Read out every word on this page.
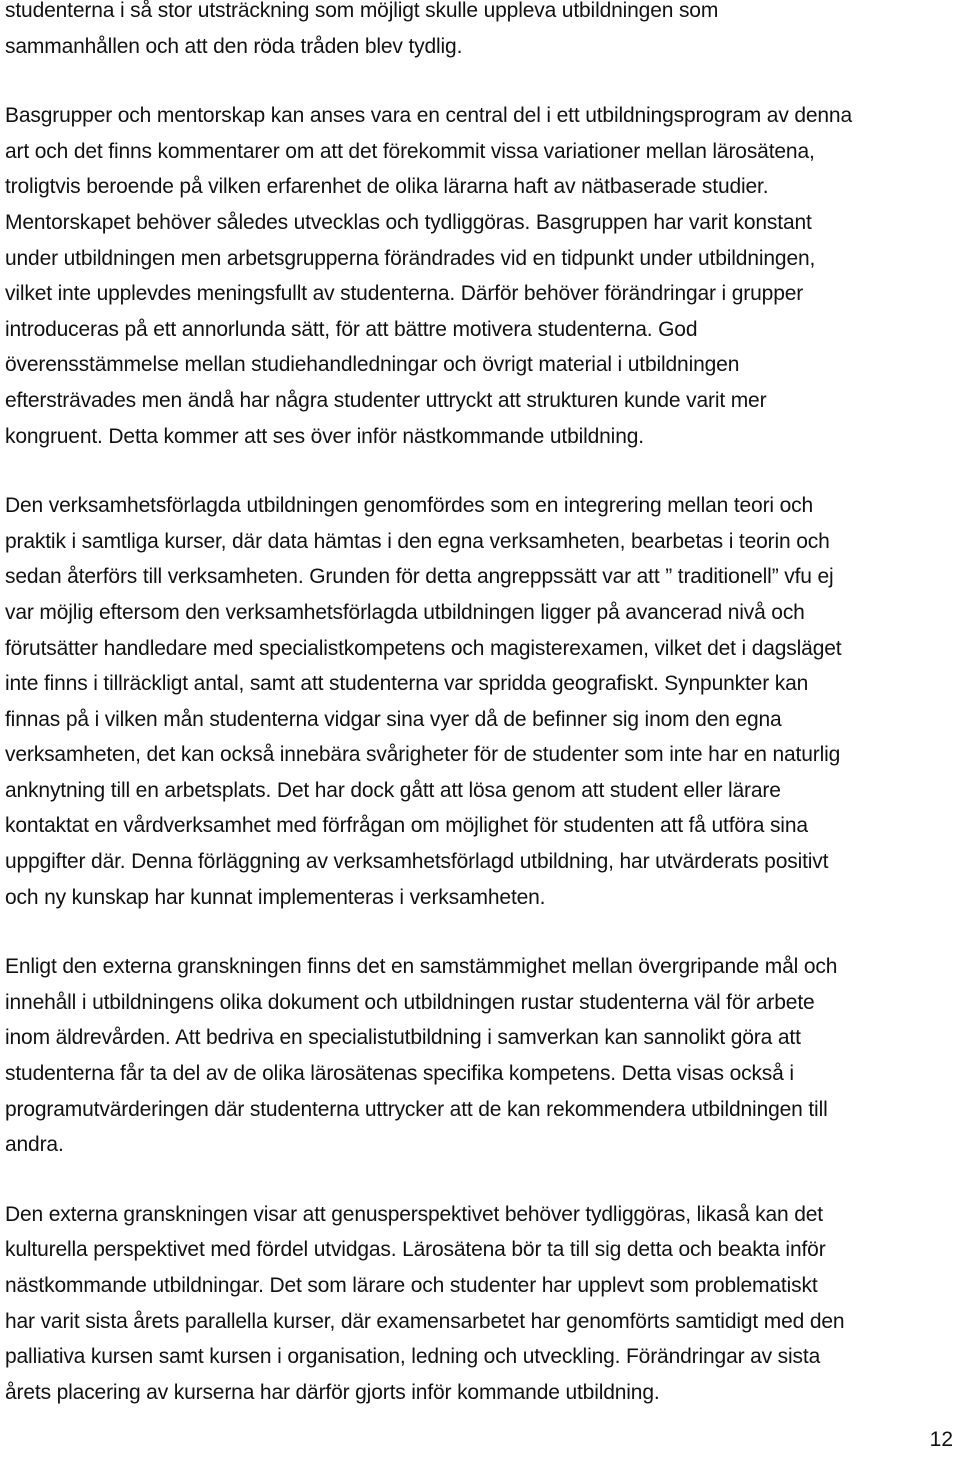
studenterna i så stor utsträckning som möjligt skulle uppleva utbildningen som
sammanhållen och att den röda tråden blev tydlig.

Basgrupper och mentorskap kan anses vara en central del i ett utbildningsprogram av denna
art och det finns kommentarer om att det förekommit vissa variationer mellan lärosätena,
troligtvis beroende på vilken erfarenhet de olika lärarna haft av nätbaserade studier.
Mentorskapet behöver således utvecklas och tydliggöras. Basgruppen har varit konstant
under utbildningen men arbetsgrupperna förändrades vid en tidpunkt under utbildningen,
vilket inte upplevdes meningsfullt av studenterna. Därför behöver förändringar i grupper
introduceras på ett annorlunda sätt, för att bättre motivera studenterna. God
överensstämmelse mellan studiehandledningar och övrigt material i utbildningen
eftersträvades men ändå har några studenter uttryckt att strukturen kunde varit mer
kongruent. Detta kommer att ses över inför nästkommande utbildning.

Den verksamhetsförlagda utbildningen genomfördes som en integrering mellan teori och
praktik i samtliga kurser, där data hämtas i den egna verksamheten, bearbetas i teorin och
sedan återförs till verksamheten. Grunden för detta angreppssätt var att ” traditionell” vfu ej
var möjlig eftersom den verksamhetsförlagda utbildningen ligger på avancerad nivå och
förutsätter handledare med specialistkompetens och magisterexamen, vilket det i dagsläget
inte finns i tillräckligt antal, samt att studenterna var spridda geografiskt. Synpunkter kan
finnas på i vilken mån studenterna vidgar sina vyer då de befinner sig inom den egna
verksamheten, det kan också innebära svårigheter för de studenter som inte har en naturlig
anknytning till en arbetsplats. Det har dock gått att lösa genom att student eller lärare
kontaktat en vårdverksamhet med förfrågan om möjlighet för studenten att få utföra sina
uppgifter där. Denna förläggning av verksamhetsförlagd utbildning, har utvärderats positivt
och ny kunskap har kunnat implementeras i verksamheten.

Enligt den externa granskningen finns det en samstämmighet mellan övergripande mål och
innehåll i utbildningens olika dokument och utbildningen rustar studenterna väl för arbete
inom äldrevården. Att bedriva en specialistutbildning i samverkan kan sannolikt göra att
studenterna får ta del av de olika lärosätenas specifika kompetens. Detta visas också i
programutvärderingen där studenterna uttrycker att de kan rekommendera utbildningen till
andra.

Den externa granskningen visar att genusperspektivet behöver tydliggöras, likaså kan det
kulturella perspektivet med fördel utvidgas. Lärosätena bör ta till sig detta och beakta inför
nästkommande utbildningar. Det som lärare och studenter har upplevt som problematiskt
har varit sista årets parallella kurser, där examensarbetet har genomförts samtidigt med den
palliativa kursen samt kursen i organisation, ledning och utveckling. Förändringar av sista
årets placering av kurserna har därför gjorts inför kommande utbildning.

12
